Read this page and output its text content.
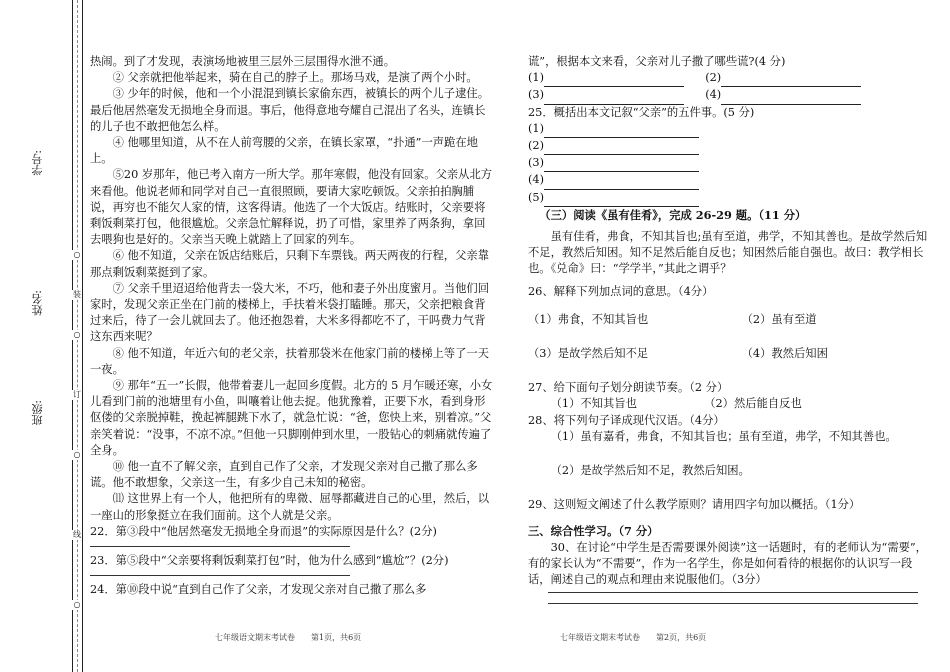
学号:
姓名:
班级:
○
装
○
订
○
线
○

热闹。到了才发现，表演场地被里三层外三层围得水泄不通。

② 父亲就把他举起来，骑在自己的脖子上。那场马戏，是演了两个小时。

③ 少年的时候，他和一个小混混到镇长家偷东西，被镇长的两个儿子逮住。最后他居然毫发无损地全身而退。事后，他得意地夸耀自己混出了名头，连镇长的儿子也不敢把他怎么样。

④ 他哪里知道，从不在人前弯腰的父亲，在镇长家罩，“扑通”一声跪在地上。

⑤20 岁那年，他已考入南方一所大学。那年寒假，他没有回家。父亲从北方来看他。他说老师和同学对自己一直很照顾，要请大家吃顿饭。父亲拍拍胸脯说，再穷也不能欠人家的情，这客得请。他选了一个大饭店。结账时，父亲要将剩饭剩菜打包，他很尴尬。父亲急忙解释说，扔了可惜，家里养了两条狗，拿回去喂狗也是好的。父亲当天晚上就踏上了回家的列车。

⑥ 他不知道，父亲在饭店结账后，只剩下车票钱。两天两夜的行程，父亲靠那点剩饭剩菜挺到了家。

⑦ 父亲千里迢迢给他背去一袋大米，不巧，他和妻子外出度蜜月。当他们回家时，发现父亲正坐在门前的楼梯上，手扶着米袋打瞌睡。那天，父亲把粮食背过来后，待了一会儿就回去了。他还抱怨着，大米多得都吃不了，干吗费力气背这东西来呢？

⑧ 他不知道，年近六旬的老父亲，扶着那袋米在他家门前的楼梯上等了一天一夜。

⑨ 那年“五一”长假，他带着妻儿一起回乡度假。北方的 5 月乍暖还寒，小女儿看到门前的池塘里有小鱼，叫嚷着让他去捉。他犹豫着，正要下水，看到身形伛偻的父亲脱掉鞋，挽起裤腿跳下水了，就急忙说：“爸，您快上来，别着凉。”父亲笑着说：“没事，不凉不凉。”但他一只脚刚伸到水里，一股钻心的刺痛就传遍了全身。

⑩ 他一直不了解父亲，直到自己作了父亲，才发现父亲对自己撒了那么多谎。他不敢想象，父亲这一生，有多少自己未知的秘密。

⑾ 这世界上有一个人，他把所有的卑微、屈辱都藏进自己的心里，然后，以一座山的形象挺立在我们面前。这个人就是父亲。

22．第③段中“他居然毫发无损地全身而退”的实际原因是什么？(2分)

23．第⑤段中“父亲要将剩饭剩菜打包”时，他为什么感到“尴尬”？(2分)

24．第⑩段中说“直到自己作了父亲，才发现父亲对自己撒了那么多

谎”，根据本文来看，父亲对儿子撒了哪些谎?(4 分)

(1)	(2)
(3)	(4)

25．概括出本文记叙“父亲”的五件事。(5 分)

(1)
(2)
(3)
(4)
(5)

（三）阅读《虽有佳肴》，完成 26-29 题。（11 分）

虽有佳肴，弗食，不知其旨也;虽有至道，弗学，不知其善也。是故学然后知不足，教然后知困。知不足然后能自反也；知困然后能自强也。故曰：教学相长也。《兑命》曰：“学学半，”其此之谓乎？

26、解释下列加点词的意思。（4分）

（1）弗食，不知其旨也	（2）虽有至道
（3）是故学然后知不足	（4）教然后知困

27、给下面句子划分朗读节奏。（2 分）

（1）不知其旨也	（2）然后能自反也

28、将下列句子译成现代汉语。（4分）

（1）虽有嘉肴，弗食，不知其旨也；虽有至道，弗学，不知其善也。

（2）是故学然后知不足，教然后知困。

29、这则短文阐述了什么教学原则？请用四字句加以概括。（1分）

三、综合性学习。（7 分）

30、在讨论“中学生是否需要课外阅读”这一话题时，有的老师认为“需要”，有的家长认为“不需要”，作为一名学生，你是如何看待的根据你的认识写一段话，阐述自己的观点和理由来说服他们。（3分）

七年级语文期末考试卷　　第1页，共6页	七年级语文期末考试卷　　第2页，共6页
